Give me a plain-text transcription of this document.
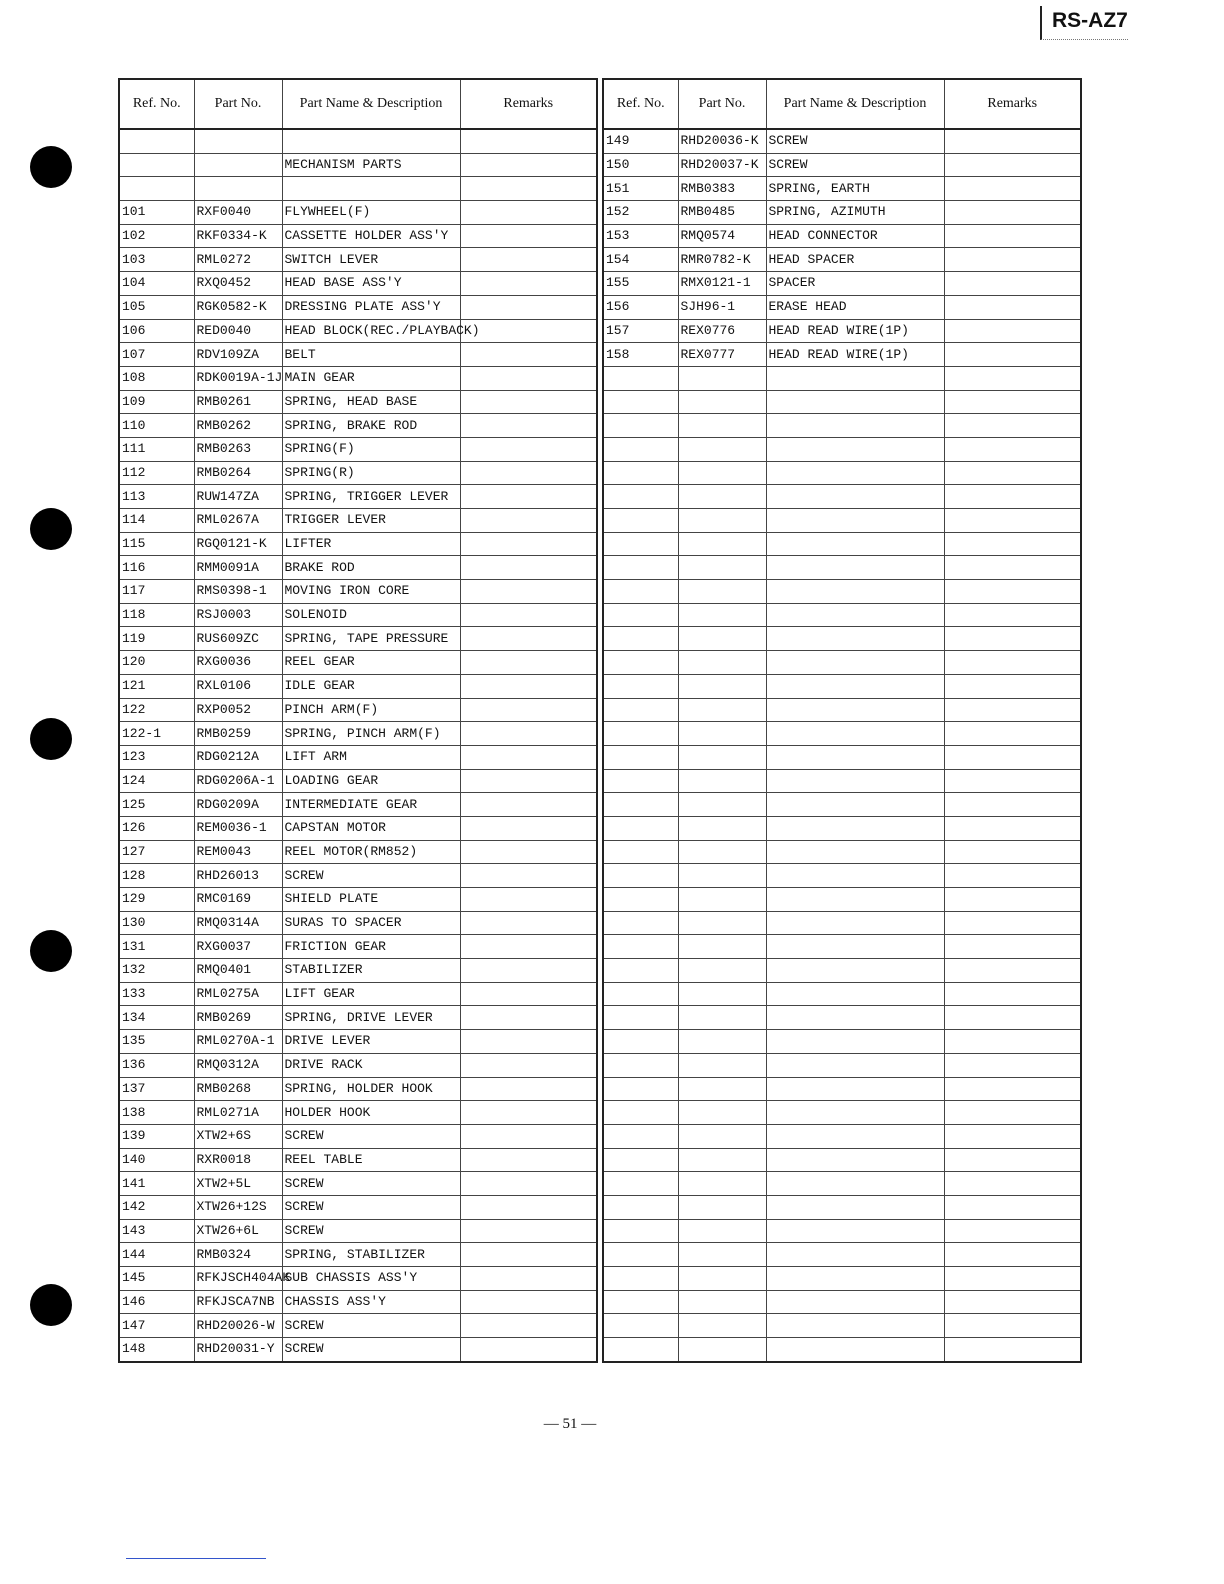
RS-AZ7
Ref. No.	Part No.	Part Name & Description	Remarks

		MECHANISM PARTS	

101	RXF0040	FLYWHEEL(F)	
102	RKF0334-K	CASSETTE HOLDER ASS'Y	
103	RML0272	SWITCH LEVER	
104	RXQ0452	HEAD BASE ASS'Y	
105	RGK0582-K	DRESSING PLATE ASS'Y	
106	RED0040	HEAD BLOCK(REC./PLAYBACK)	
107	RDV109ZA	BELT	
108	RDK0019A-1J	MAIN GEAR	
109	RMB0261	SPRING, HEAD BASE	
110	RMB0262	SPRING, BRAKE ROD	
111	RMB0263	SPRING(F)	
112	RMB0264	SPRING(R)	
113	RUW147ZA	SPRING, TRIGGER LEVER	
114	RML0267A	TRIGGER LEVER	
115	RGQ0121-K	LIFTER	
116	RMM0091A	BRAKE ROD	
117	RMS0398-1	MOVING IRON CORE	
118	RSJ0003	SOLENOID	
119	RUS609ZC	SPRING, TAPE PRESSURE	
120	RXG0036	REEL GEAR	
121	RXL0106	IDLE GEAR	
122	RXP0052	PINCH ARM(F)	
122-1	RMB0259	SPRING, PINCH ARM(F)	
123	RDG0212A	LIFT ARM	
124	RDG0206A-1	LOADING GEAR	
125	RDG0209A	INTERMEDIATE GEAR	
126	REM0036-1	CAPSTAN MOTOR	
127	REM0043	REEL MOTOR(RM852)	
128	RHD26013	SCREW	
129	RMC0169	SHIELD PLATE	
130	RMQ0314A	SURAS TO SPACER	
131	RXG0037	FRICTION GEAR	
132	RMQ0401	STABILIZER	
133	RML0275A	LIFT GEAR	
134	RMB0269	SPRING, DRIVE LEVER	
135	RML0270A-1	DRIVE LEVER	
136	RMQ0312A	DRIVE RACK	
137	RMB0268	SPRING, HOLDER HOOK	
138	RML0271A	HOLDER HOOK	
139	XTW2+6S	SCREW	
140	RXR0018	REEL TABLE	
141	XTW2+5L	SCREW	
142	XTW26+12S	SCREW	
143	XTW26+6L	SCREW	
144	RMB0324	SPRING, STABILIZER	
145	RFKJSCH404AK	SUB CHASSIS ASS'Y	
146	RFKJSCA7NB	CHASSIS ASS'Y	
147	RHD20026-W	SCREW	
148	RHD20031-Y	SCREW	
Ref. No.	Part No.	Part Name & Description	Remarks
149	RHD20036-K	SCREW	
150	RHD20037-K	SCREW	
151	RMB0383	SPRING, EARTH	
152	RMB0485	SPRING, AZIMUTH	
153	RMQ0574	HEAD CONNECTOR	
154	RMR0782-K	HEAD SPACER	
155	RMX0121-1	SPACER	
156	SJH96-1	ERASE HEAD	
157	REX0776	HEAD READ WIRE(1P)	
158	REX0777	HEAD READ WIRE(1P)	

— 51 —
